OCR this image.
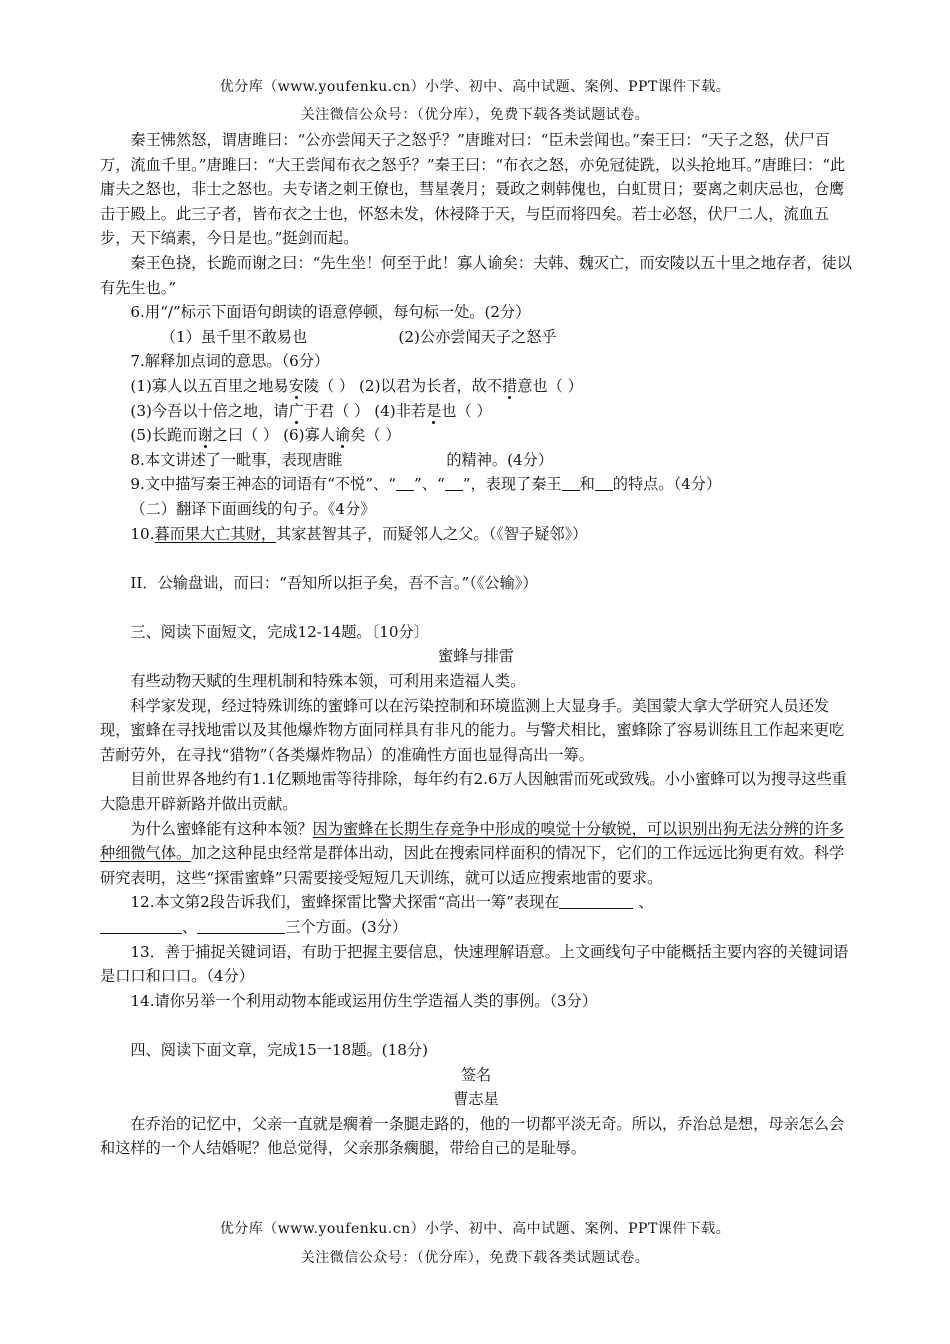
优分库（www.youfenku.cn）小学、初中、高中试题、案例、PPT课件下载。
关注微信公众号：（优分库），免费下载各类试题试卷。

秦王怫然怒，谓唐雎曰：“公亦尝闻天子之怒乎？”唐雎对曰：“臣未尝闻也。”秦王曰：“天子之怒，伏尸百万，流血千里。”唐雎曰：“大王尝闻布衣之怒乎？”秦王曰：“布衣之怒，亦免冠徒跣，以头抢地耳。”唐雎曰：“此庸夫之怒也，非士之怒也。夫专诸之刺王僚也，彗星袭月；聂政之刺韩傀也，白虹贯日；要离之刺庆忌也，仓鹰击于殿上。此三子者，皆布衣之士也，怀怒未发，休祲降于天，与臣而将四矣。若士必怒，伏尸二人，流血五步，天下缟素，今日是也。”挺剑而起。

秦王色挠，长跪而谢之曰：“先生坐！何至于此！寡人谕矣：夫韩、魏灭亡，而安陵以五十里之地存者，徒以有先生也。”

6.用“/”标示下面语句朗读的语意停顿，每句标一处。(2分）

（1）虽千里不敢易也	(2)公亦尝闻天子之怒乎

7.解释加点词的意思。（6分）

(1)寡人以五百里之地易安陵（ ） (2)以君为长者，故不措意也（ ）

(3)今吾以十倍之地，请广于君（ ） (4)非若是也（ ）

(5)长跪而谢之曰（ ） (6)寡人谕矣（ ）

8.本文讲述了一毗事，表现唐睢	的精神。(4分）

9.文中描写秦王神态的词语有“不悦”、“ ”、“ ”，表现了秦王 和 的特点。（4分）

（二）翻译下面画线的句子。《4分》

10.暮而果大亡其财，其家甚智其子，而疑邻人之父。（《智子疑邻》）

II．公输盘诎，而曰：“吾知所以拒子矣，吾不言。”（《公输》）

三、阅读下面短文，完成12-14题。〔10分〕

蜜蜂与排雷

有些动物天赋的生理机制和特殊本领，可利用来造福人类。

科学家发现，经过特殊训练的蜜蜂可以在污染控制和环境监测上大显身手。美国蒙大拿大学研究人员还发现，蜜蜂在寻找地雷以及其他爆炸物方面同样具有非凡的能力。与警犬相比，蜜蜂除了容易训练且工作起来更吃苦耐劳外，在寻找“猎物”（各类爆炸物品）的准确性方面也显得高出一筹。

目前世界各地约有1.1亿颗地雷等待排除，每年约有2.6万人因触雷而死或致残。小小蜜蜂可以为搜寻这些重大隐患开辟新路并做出贡献。

为什么蜜蜂能有这种本领？因为蜜蜂在长期生存竞争中形成的嗅觉十分敏锐，可以识别出狗无法分辨的许多种细微气体。加之这种昆虫经常是群体出动，因此在搜索同样面积的情况下，它们的工作远远比狗更有效。科学研究表明，这些“探雷蜜蜂”只需要接受短短几天训练，就可以适应搜索地雷的要求。

12.本文第2段告诉我们，蜜蜂探雷比警犬探雷“高出一筹”表现在	、
、	三个方面。(3分）

13．善于捕捉关键词语，有助于把握主要信息，快速理解语意。上文画线句子中能概括主要内容的关键词语是口口和口口。（4分）

14.请你另举一个利用动物本能或运用仿生学造福人类的事例。（3分）

四、阅读下面文章，完成15一18题。(18分)

签名

曹志星

在乔治的记忆中，父亲一直就是瘸着一条腿走路的，他的一切都平淡无奇。所以，乔治总是想，母亲怎么会和这样的一个人结婚呢？他总觉得，父亲那条瘸腿，带给自己的是耻辱。

优分库（www.youfenku.cn）小学、初中、高中试题、案例、PPT课件下载。
关注微信公众号：（优分库），免费下载各类试题试卷。
